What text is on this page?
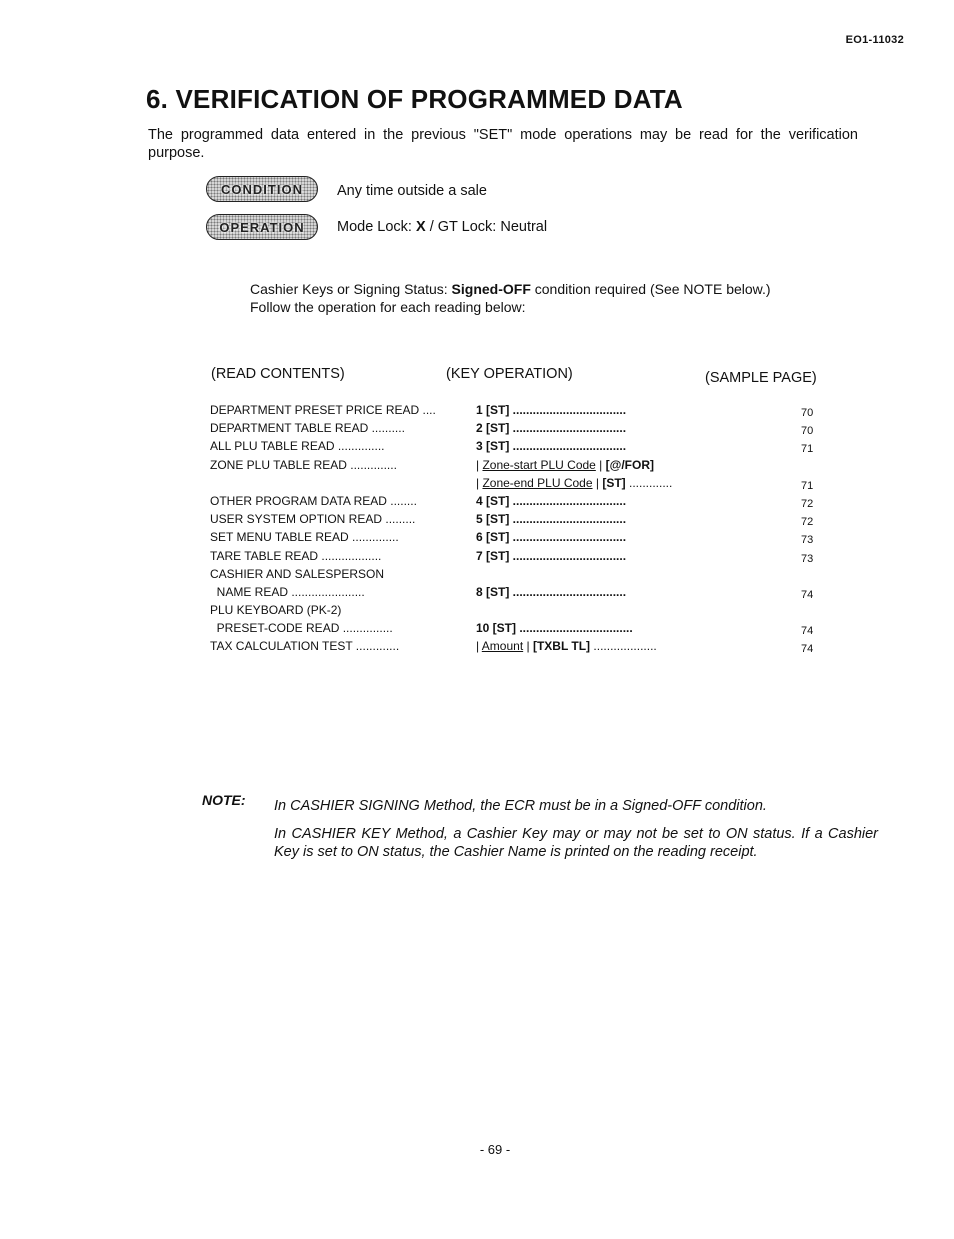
EO1-11032
6. VERIFICATION OF PROGRAMMED DATA
The programmed data entered in the previous "SET" mode operations may be read for the verification purpose.
CONDITION	Any time outside a sale
OPERATION	Mode Lock: X / GT Lock: Neutral
Cashier Keys or Signing Status: Signed-OFF condition required (See NOTE below.)
Follow the operation for each reading below:
(READ CONTENTS)	(KEY OPERATION)	(SAMPLE PAGE)
DEPARTMENT PRESET PRICE READ ....	1 [ST] ..................................	70
DEPARTMENT TABLE READ ..........	2 [ST] ..................................	70
ALL PLU TABLE READ ..............	3 [ST] ..................................	71
ZONE PLU TABLE READ ..............	| Zone-start PLU Code | [@/FOR]
| Zone-end PLU Code | [ST] .............	71
OTHER PROGRAM DATA READ ........	4 [ST] ..................................	72
USER SYSTEM OPTION READ .........	5 [ST] ..................................	72
SET MENU TABLE READ ..............	6 [ST] ..................................	73
TARE TABLE READ ..................	7 [ST] ..................................	73
CASHIER AND SALESPERSON
NAME READ ......................	8 [ST] ..................................	74
PLU KEYBOARD (PK-2)
PRESET-CODE READ ...............	10 [ST] ..................................	74
TAX CALCULATION TEST .............	| Amount | [TXBL TL] ...................	74
NOTE: In CASHIER SIGNING Method, the ECR must be in a Signed-OFF condition.
In CASHIER KEY Method, a Cashier Key may or may not be set to ON status. If a Cashier Key is set to ON status, the Cashier Name is printed on the reading receipt.
- 69 -
